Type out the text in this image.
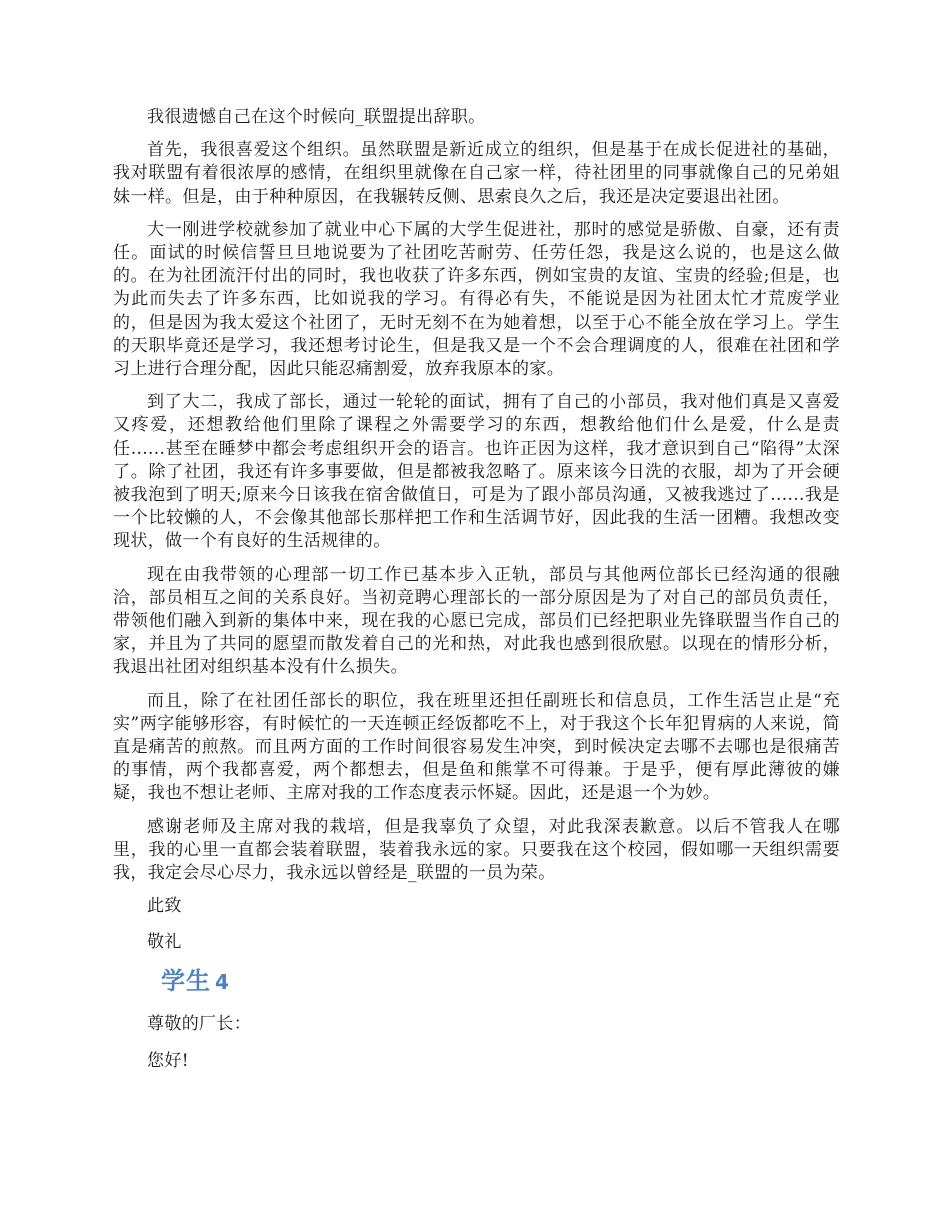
我很遗憾自己在这个时候向_联盟提出辞职。

首先，我很喜爱这个组织。虽然联盟是新近成立的组织，但是基于在成长促进社的基础，我对联盟有着很浓厚的感情，在组织里就像在自己家一样，待社团里的同事就像自己的兄弟姐妹一样。但是，由于种种原因，在我辗转反侧、思索良久之后，我还是决定要退出社团。

大一刚进学校就参加了就业中心下属的大学生促进社，那时的感觉是骄傲、自豪，还有责任。面试的时候信誓旦旦地说要为了社团吃苦耐劳、任劳任怨，我是这么说的，也是这么做的。在为社团流汗付出的同时，我也收获了许多东西，例如宝贵的友谊、宝贵的经验;但是，也为此而失去了许多东西，比如说我的学习。有得必有失，不能说是因为社团太忙才荒废学业的，但是因为我太爱这个社团了，无时无刻不在为她着想，以至于心不能全放在学习上。学生的天职毕竟还是学习，我还想考讨论生，但是我又是一个不会合理调度的人，很难在社团和学习上进行合理分配，因此只能忍痛割爱，放弃我原本的家。

到了大二，我成了部长，通过一轮轮的面试，拥有了自己的小部员，我对他们真是又喜爱又疼爱，还想教给他们里除了课程之外需要学习的东西，想教给他们什么是爱，什么是责任......甚至在睡梦中都会考虑组织开会的语言。也许正因为这样，我才意识到自己“陷得”太深了。除了社团，我还有许多事要做，但是都被我忽略了。原来该今日洗的衣服，却为了开会硬被我泡到了明天;原来今日该我在宿舍做值日，可是为了跟小部员沟通，又被我逃过了......我是一个比较懒的人，不会像其他部长那样把工作和生活调节好，因此我的生活一团糟。我想改变现状，做一个有良好的生活规律的。

现在由我带领的心理部一切工作已基本步入正轨，部员与其他两位部长已经沟通的很融洽，部员相互之间的关系良好。当初竞聘心理部长的一部分原因是为了对自己的部员负责任，带领他们融入到新的集体中来，现在我的心愿已完成，部员们已经把职业先锋联盟当作自己的家，并且为了共同的愿望而散发着自己的光和热，对此我也感到很欣慰。以现在的情形分析，我退出社团对组织基本没有什么损失。

而且，除了在社团任部长的职位，我在班里还担任副班长和信息员，工作生活岂止是“充实”两字能够形容，有时候忙的一天连顿正经饭都吃不上，对于我这个长年犯胃病的人来说，简直是痛苦的煎熬。而且两方面的工作时间很容易发生冲突，到时候决定去哪不去哪也是很痛苦的事情，两个我都喜爱，两个都想去，但是鱼和熊掌不可得兼。于是乎，便有厚此薄彼的嫌疑，我也不想让老师、主席对我的工作态度表示怀疑。因此，还是退一个为妙。

感谢老师及主席对我的栽培，但是我辜负了众望，对此我深表歉意。以后不管我人在哪里，我的心里一直都会装着联盟，装着我永远的家。只要我在这个校园，假如哪一天组织需要我，我定会尽心尽力，我永远以曾经是_联盟的一员为荣。

此致

敬礼

学生 4

尊敬的厂长：

您好!
